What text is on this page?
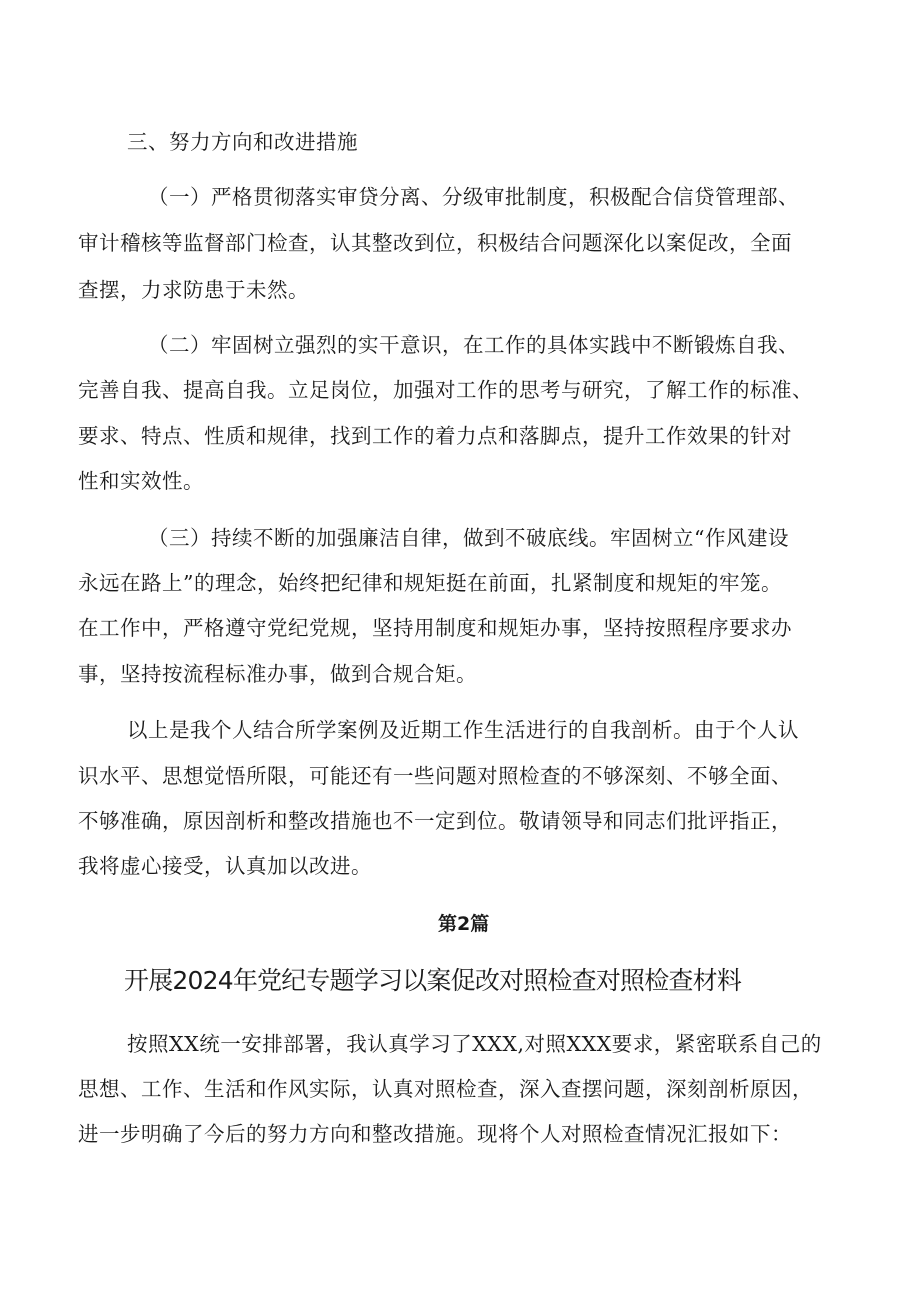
三、努力方向和改进措施
（一）严格贯彻落实审贷分离、分级审批制度，积极配合信贷管理部、
审计稽核等监督部门检查，认其整改到位，积极结合问题深化以案促改，全面
查摆，力求防患于未然。
（二）牢固树立强烈的实干意识，在工作的具体实践中不断锻炼自我、
完善自我、提高自我。立足岗位，加强对工作的思考与研究，了解工作的标准、
要求、特点、性质和规律，找到工作的着力点和落脚点，提升工作效果的针对
性和实效性。
（三）持续不断的加强廉洁自律，做到不破底线。牢固树立“作风建设
永远在路上”的理念，始终把纪律和规矩挺在前面，扎紧制度和规矩的牢笼。
在工作中，严格遵守党纪党规，坚持用制度和规矩办事，坚持按照程序要求办
事，坚持按流程标准办事，做到合规合矩。
以上是我个人结合所学案例及近期工作生活进行的自我剖析。由于个人认
识水平、思想觉悟所限，可能还有一些问题对照检查的不够深刻、不够全面、
不够准确，原因剖析和整改措施也不一定到位。敬请领导和同志们批评指正，
我将虚心接受，认真加以改进。
第2篇
开展2024年党纪专题学习以案促改对照检查对照检查材料
按照XX统一安排部署，我认真学习了XXX,对照XXX要求，紧密联系自己的
思想、工作、生活和作风实际，认真对照检查，深入查摆问题，深刻剖析原因，
进一步明确了今后的努力方向和整改措施。现将个人对照检查情况汇报如下：
